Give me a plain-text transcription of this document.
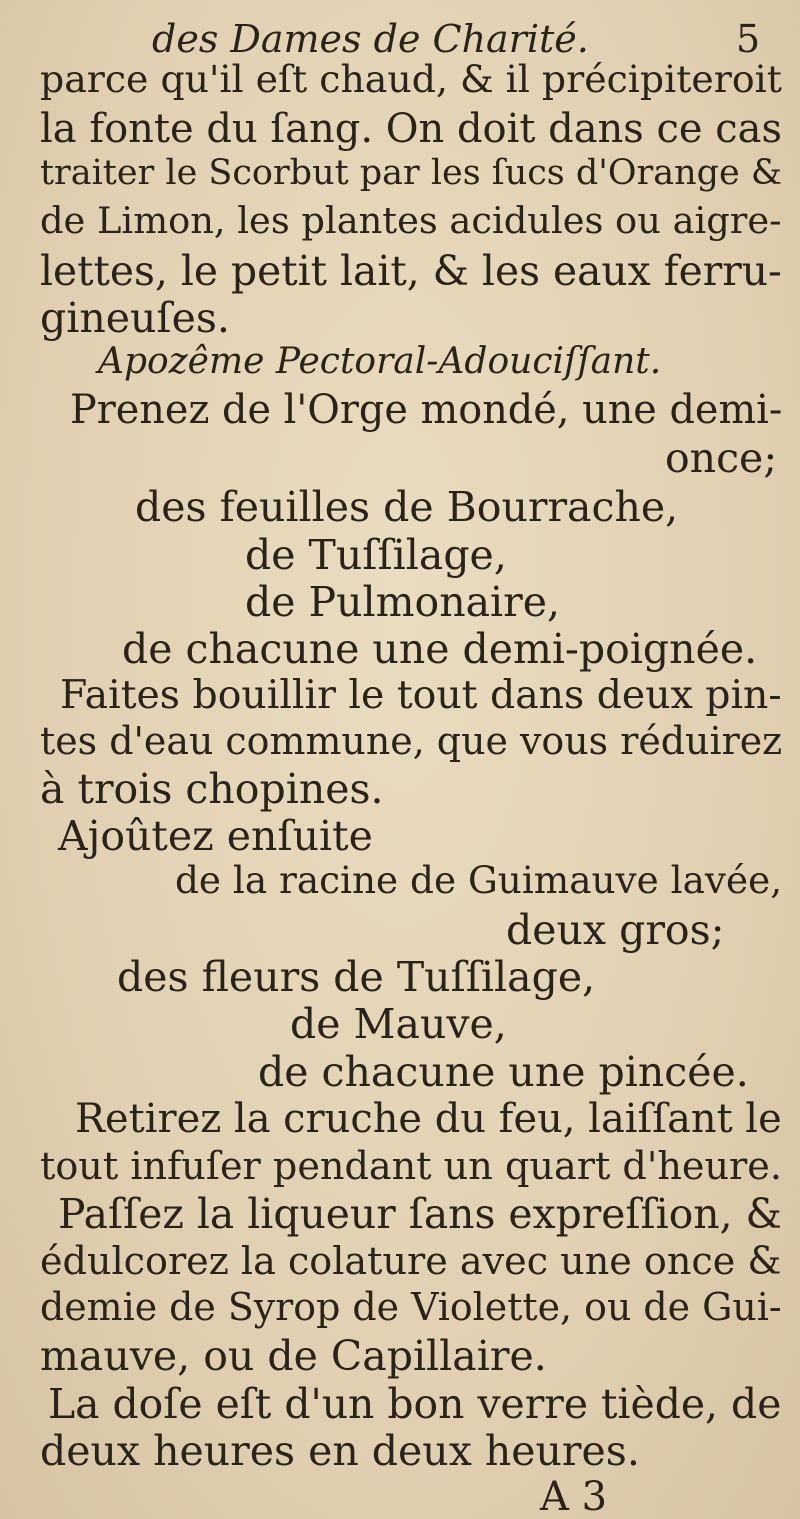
des Dames de Charité.	5
parce qu'il eſt chaud, & il précipiteroit
la fonte du ſang. On doit dans ce cas
traiter le Scorbut par les ſucs d'Orange &
de Limon, les plantes acidules ou aigre-
lettes, le petit lait, & les eaux ferru-
gineuſes.
Apozême Pectoral-Adouciſſant.
Prenez de l'Orge mondé, une demi-
once;
des feuilles de Bourrache,
de Tuſſilage,
de Pulmonaire,
de chacune une demi-poignée.
Faites bouillir le tout dans deux pin-
tes d'eau commune, que vous réduirez
à trois chopines.
Ajoûtez enſuite
de la racine de Guimauve lavée,
deux gros;
des fleurs de Tuſſilage,
de Mauve,
de chacune une pincée.
Retirez la cruche du feu, laiſſant le
tout infuſer pendant un quart d'heure.
Paſſez la liqueur ſans expreſſion, &
édulcorez la colature avec une once &
demie de Syrop de Violette, ou de Gui-
mauve, ou de Capillaire.
La doſe eſt d'un bon verre tiède, de
deux heures en deux heures.
A 3
